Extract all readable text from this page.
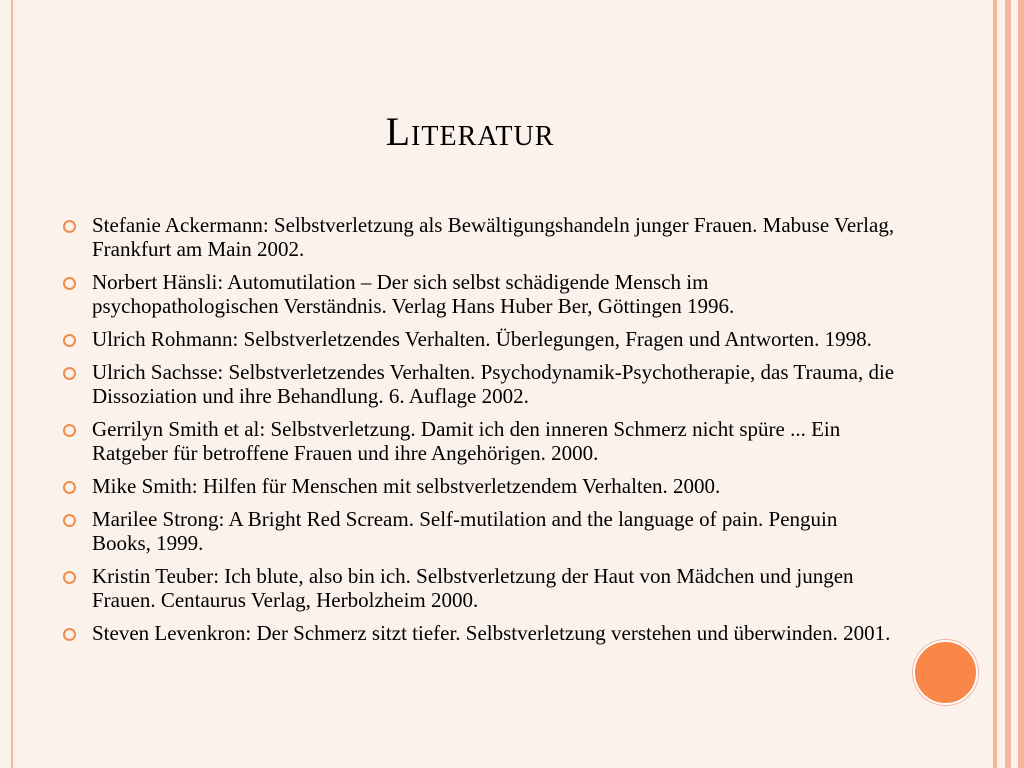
Literatur
Stefanie Ackermann: Selbstverletzung als Bewältigungshandeln junger Frauen. Mabuse Verlag, Frankfurt am Main 2002.
Norbert Hänsli: Automutilation – Der sich selbst schädigende Mensch im psychopathologischen Verständnis. Verlag Hans Huber Ber, Göttingen 1996.
Ulrich Rohmann: Selbstverletzendes Verhalten. Überlegungen, Fragen und Antworten. 1998.
Ulrich Sachsse: Selbstverletzendes Verhalten. Psychodynamik-Psychotherapie, das Trauma, die Dissoziation und ihre Behandlung. 6. Auflage 2002.
Gerrilyn Smith et al: Selbstverletzung. Damit ich den inneren Schmerz nicht spüre ... Ein Ratgeber für betroffene Frauen und ihre Angehörigen. 2000.
Mike Smith: Hilfen für Menschen mit selbstverletzendem Verhalten. 2000.
Marilee Strong: A Bright Red Scream. Self-mutilation and the language of pain. Penguin Books, 1999.
Kristin Teuber: Ich blute, also bin ich. Selbstverletzung der Haut von Mädchen und jungen Frauen. Centaurus Verlag, Herbolzheim 2000.
Steven Levenkron: Der Schmerz sitzt tiefer. Selbstverletzung verstehen und überwinden. 2001.
